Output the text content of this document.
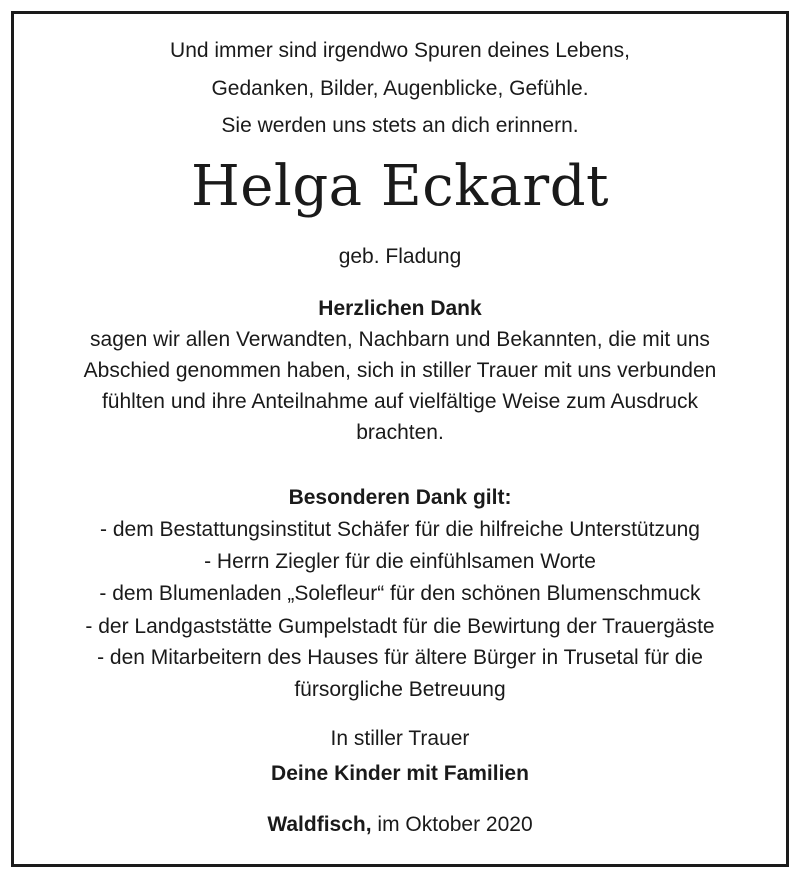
Und immer sind irgendwo Spuren deines Lebens,
Gedanken, Bilder, Augenblicke, Gefühle.
Sie werden uns stets an dich erinnern.
Helga Eckardt
geb. Fladung
Herzlichen Dank
sagen wir allen Verwandten, Nachbarn und Bekannten, die mit uns
Abschied genommen haben, sich in stiller Trauer mit uns verbunden
fühlten und ihre Anteilnahme auf vielfältige Weise zum Ausdruck
brachten.
Besonderen Dank gilt:
- dem Bestattungsinstitut Schäfer für die hilfreiche Unterstützung
- Herrn Ziegler für die einfühlsamen Worte
- dem Blumenladen „Solefleur“ für den schönen Blumenschmuck
- der Landgaststätte Gumpelstadt für die Bewirtung der Trauergäste
- den Mitarbeitern des Hauses für ältere Bürger in Trusetal für die
fürsorgliche Betreuung
In stiller Trauer
Deine Kinder mit Familien
Waldfisch, im Oktober 2020
